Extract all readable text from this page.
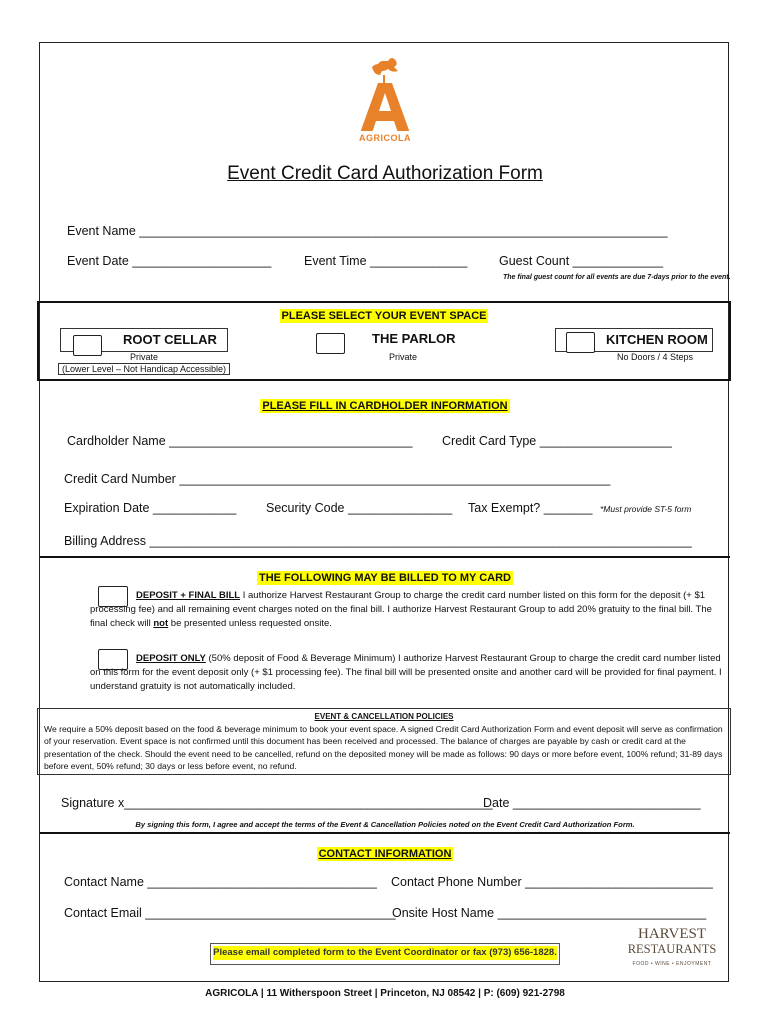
AGRICOLA
Event Credit Card Authorization Form
Event Name ____________________________________________________________________________
Event Date ____________________	Event Time ______________	Guest Count _____________
The final guest count for all events are due 7-days prior to the event.
PLEASE SELECT YOUR EVENT SPACE
ROOT CELLAR
Private
(Lower Level – Not Handicap Accessible)
THE PARLOR
Private
KITCHEN ROOM
No Doors / 4 Steps
PLEASE FILL IN CARDHOLDER INFORMATION
Cardholder Name ___________________________________ Credit Card Type ___________________
Credit Card Number ______________________________________________________________
Expiration Date ____________ Security Code _______________ Tax Exempt? _______ *Must provide ST-5 form
Billing Address ______________________________________________________________________________
THE FOLLOWING MAY BE BILLED TO MY CARD
DEPOSIT + FINAL BILL I authorize Harvest Restaurant Group to charge the credit card number listed on this form for the deposit (+ $1 processing fee) and all remaining event charges noted on the final bill. I authorize Harvest Restaurant Group to add 20% gratuity to the final bill. The final check will not be presented unless requested onsite.
DEPOSIT ONLY (50% deposit of Food & Beverage Minimum) I authorize Harvest Restaurant Group to charge the credit card number listed on this form for the event deposit only (+ $1 processing fee). The final bill will be presented onsite and another card will be provided for final payment. I understand gratuity is not automatically included.
EVENT & CANCELLATION POLICIES
We require a 50% deposit based on the food & beverage minimum to book your event space. A signed Credit Card Authorization Form and event deposit will serve as confirmation of your reservation. Event space is not confirmed until this document has been received and processed. The balance of charges are payable by cash or credit card at the presentation of the check. Should the event need to be cancelled, refund on the deposited money will be made as follows: 90 days or more before event, 100% refund; 31-89 days before event, 50% refund; 30 days or less before event, no refund.
Signature x_____________________________________________________
Date ___________________________
By signing this form, I agree and accept the terms of the Event & Cancellation Policies noted on the Event Credit Card Authorization Form.
CONTACT INFORMATION
Contact Name _________________________________ Contact Phone Number ___________________________
Contact Email ____________________________________
Onsite Host Name ______________________________
Please email completed form to the Event Coordinator or fax (973) 656-1828.
HARVEST
RESTAURANTS
FOOD • WINE • ENJOYMENT
AGRICOLA | 11 Witherspoon Street | Princeton, NJ 08542 | P: (609) 921-2798
